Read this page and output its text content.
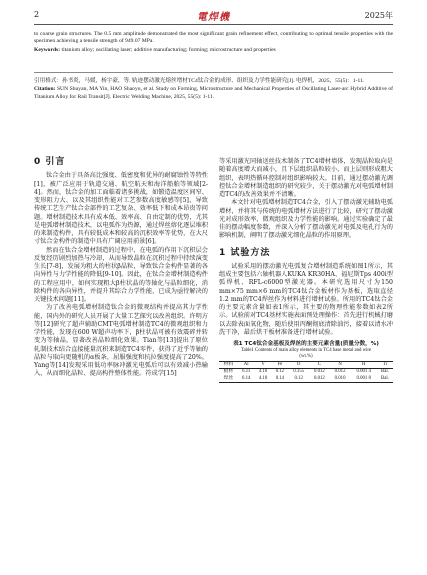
2	電焊機	2025年

to coarse grain structures. The 0.5 mm amplitude demonstrated the most significant grain refinement effect, contributing to optimal tensile properties with the specimen achieving a tensile strength of 949.07 MPa.

Keywords: titanium alloy; oscillating laser; additive manufacturing; forming; microstructure and properties

引用格式：孙书炎，马媛，杨宇豪，等. 轨迹摆动激光熔丝增材TC4钛合金的成形、组织及力学性能研究[J]. 电焊机，2025，55(5)：1-11.

Citation: SUN Shuyan, MA Yin, HAO Shaoyu, et al. Study on Forming, Microstructure and Mechanical Properties of Oscillating Laser-arc Hybrid Additive of Titanium Alloy for Rail Transit[J]. Electric Welding Machine, 2025, 55(5): 1-11.

0 引言

钛合金由于具备高比强度、低密度和优异的耐腐蚀性等特性[1]，被广泛应用于轨道交通、航空航天和海洋船舶等领域[2-4]。然而，钛合金的加工面临着诸多挑战，如锻造温度区间窄、变形阻力大、以及其组织性能对工艺参数高度敏感等[5]，导致传统工艺生产钛合金部件的工艺复杂、效率低下和成本昂贵等问题。增材制造技术具有成本低、效率高、自由定制的优势，尤其是电弧增材制造技术，以电弧作为热源，通过焊丝熔化逐层堆积的来制造构件，具有较低成本和较高的沉积效率等优势，在大尺寸钛合金构件的制造中具有广阔应用前景[6]。

然而在钛合金增材制造的过程中，在电弧的作用下沉积层会反复经历剧烈加热与冷却，从而导致晶粒在沉积过程中持续演变生长[7-8]，发展为粗大的柱状β晶粒，导致钛合金构件显著的各向异性与力学性能的降低[9-10]。因此，在钛合金增材制造构件的工程应用中，如何实现粗大β柱状晶的等轴化与晶粒细化，消除构件的各向异性，并提升其综合力学性能，已成为亟待解决的关键技术问题[11]。

为了改善电弧增材制造钛合金的微观结构并提高其力学性能，国内外的研究人员开展了大量工艺探究以改善组织。许明方等[12]研究了超声辅助CMT电弧增材制造TC4的微观组织和力学性能，发现在600 W超声功率下，β柱状晶可被有效震碎并转变为等轴晶，显著改善晶粒细化效果。Tian等[13]提出了原位轧制技术结合直接能量沉积来制造TC4零件，获得了近乎等轴的晶粒与取向更随机的α板条，屈服强度和抗拉强度提高了20%。Yang等[14]发现采用低功率脉冲激光电弧后可以有效减小热输入，从而细化晶粒、提高构件整体性能。符成学[15]

等采用激光同轴送丝技术制备了TC4增材墙体，发现晶粒取向是随着高度增大而减小，且下层组织晶粒较小，而上层则形成粗大组织，表明热循环控制对组织影响较大。目前，通过摆动激光调控钛合金增材制造组织的研究较少，关于摆动激光对电弧增材制造TC4的改善效果并不清晰。

本文针对电弧增材制造TC4合金，引入了摆动激光辅助电弧增材，并将其与传统的电弧增材方法进行了比较，研究了摆动激光对成形效率、微观组织及力学性能的影响。通过实验确定了最佳的摆动幅度参数，并深入分析了摆动激光对电弧及电孔行为的影响机制，阐明了摆动激光细化晶粒的作用原理。

1 试验方法

试验采用的摆动激光电弧复合增材制造系统如图1所示，其组成主要包括六轴机器人KUKA KR30HA、福尼斯Tps 400i型弧焊机、RFL-c6000型激光器。本研究选用尺寸为150 mm×75 mm×6 mm的TC4钛合金板材作为基板，选取直径1.2 mm的TC4焊丝作为材料进行增材试验。所用的TC4钛合金的主要元素含量如表1所示，其主要的物理性能参数如表2所示。试验前对TC4基材实施表面预处理操作：首先进行机械打磨以去除表面氧化物，随后使用丙酮彻底清除油污，接着以清水冲洗干净，最后烘干板材准备进行增材试验。

表1 TC4钛合金基板及焊丝的主要元素含量(质量分数，%)
Table1 Contents of main alloy elements in TC4 base metal and wire
(wt.%)
材料	Al	V	Fe	O	C	N	H	Ti
板材	6.11	4.10	0.12	0.155	0.012	0.012	0.001 4	Bal.
焊丝	6.14	4.10	0.14	0.12	0.012	0.010	0.001 8	Bal.
